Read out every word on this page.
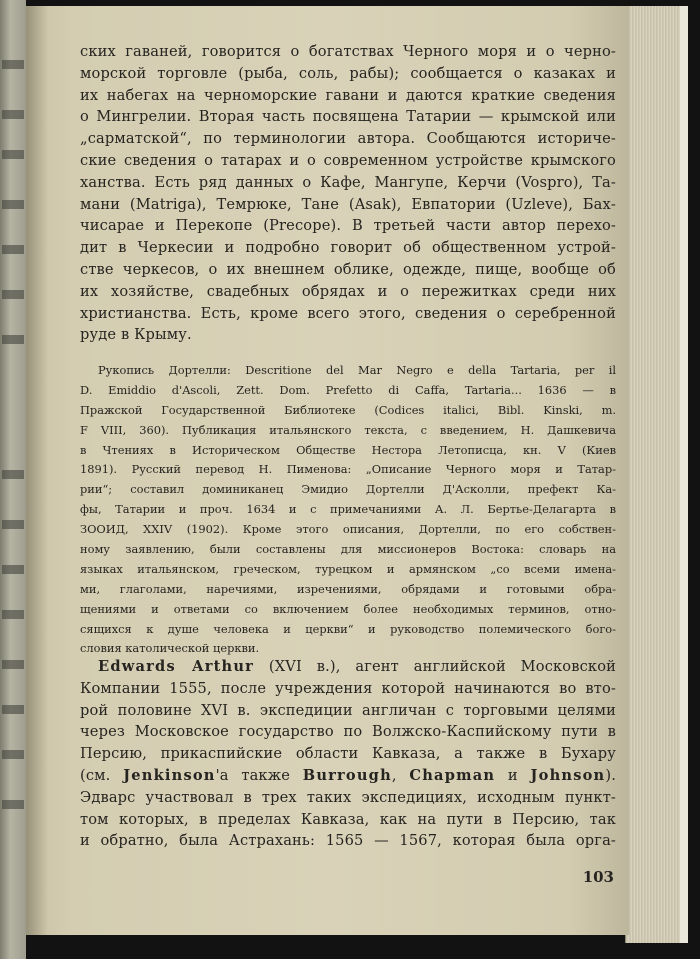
ских гаваней, говорится о богатствах Черного моря и о черно-
морской торговле (рыба, соль, рабы); сообщается о казаках и
их набегах на черноморские гавани и даются краткие сведения
о Мингрелии. Вторая часть посвящена Татарии — крымской или
„сарматской“, по терминологии автора. Сообщаются историче-
ские сведения о татарах и о современном устройстве крымского
ханства. Есть ряд данных о Кафе, Мангупе, Керчи (Vospro), Та-
мани (Matriga), Темрюке, Тане (Asak), Евпатории (Uzleve), Бах-
чисарае и Перекопе (Precope). В третьей части автор перехо-
дит в Черкесии и подробно говорит об общественном устрой-
стве черкесов, о их внешнем облике, одежде, пище, вообще об
их хозяйстве, свадебных обрядах и о пережитках среди них
христианства. Есть, кроме всего этого, сведения о серебренной
руде в Крыму.
Рукопись Дортелли: Descritione del Mar Negro e della Tartaria, per il
D. Emiddio d'Ascoli, Zett. Dom. Prefetto di Caffa, Tartaria... 1636 — в
Пражской Государственной Библиотеке (Codices italici, Bibl. Kinski, m.
F VIII, 360). Публикация итальянского текста, с введением, Н. Дашкевича
в Чтениях в Историческом Обществе Нестора Летописца, кн. V (Киев
1891). Русский перевод Н. Пименова: „Описание Черного моря и Татар-
рии“; составил доминиканец Эмидио Дортелли Д'Асколли, префект Ка-
фы, Татарии и проч. 1634 и с примечаниями А. Л. Бертье-Делагарта в
ЗООИД, XXIV (1902). Кроме этого описания, Дортелли, по его собствен-
ному заявлению, были составлены для миссионеров Востока: словарь на
языках итальянском, греческом, турецком и армянском „со всеми имена-
ми, глаголами, наречиями, изречениями, обрядами и готовыми обра-
щениями и ответами со включением более необходимых терминов, отно-
сящихся к душе человека и церкви“ и руководство полемического бого-
словия католической церкви.
Edwards Arthur (XVI в.), агент английской Московской
Компании 1555, после учреждения которой начинаются во вто-
рой половине XVI в. экспедиции англичан с торговыми целями
через Московское государство по Волжско-Каспийскому пути в
Персию, прикаспийские области Кавказа, а также в Бухару
(см. Jenkinson'а также Burrough, Chapman и Johnson).
Эдварс участвовал в трех таких экспедициях, исходным пункт-
том которых, в пределах Кавказа, как на пути в Персию, так
и обратно, была Астрахань: 1565 — 1567, которая была орга-
103
